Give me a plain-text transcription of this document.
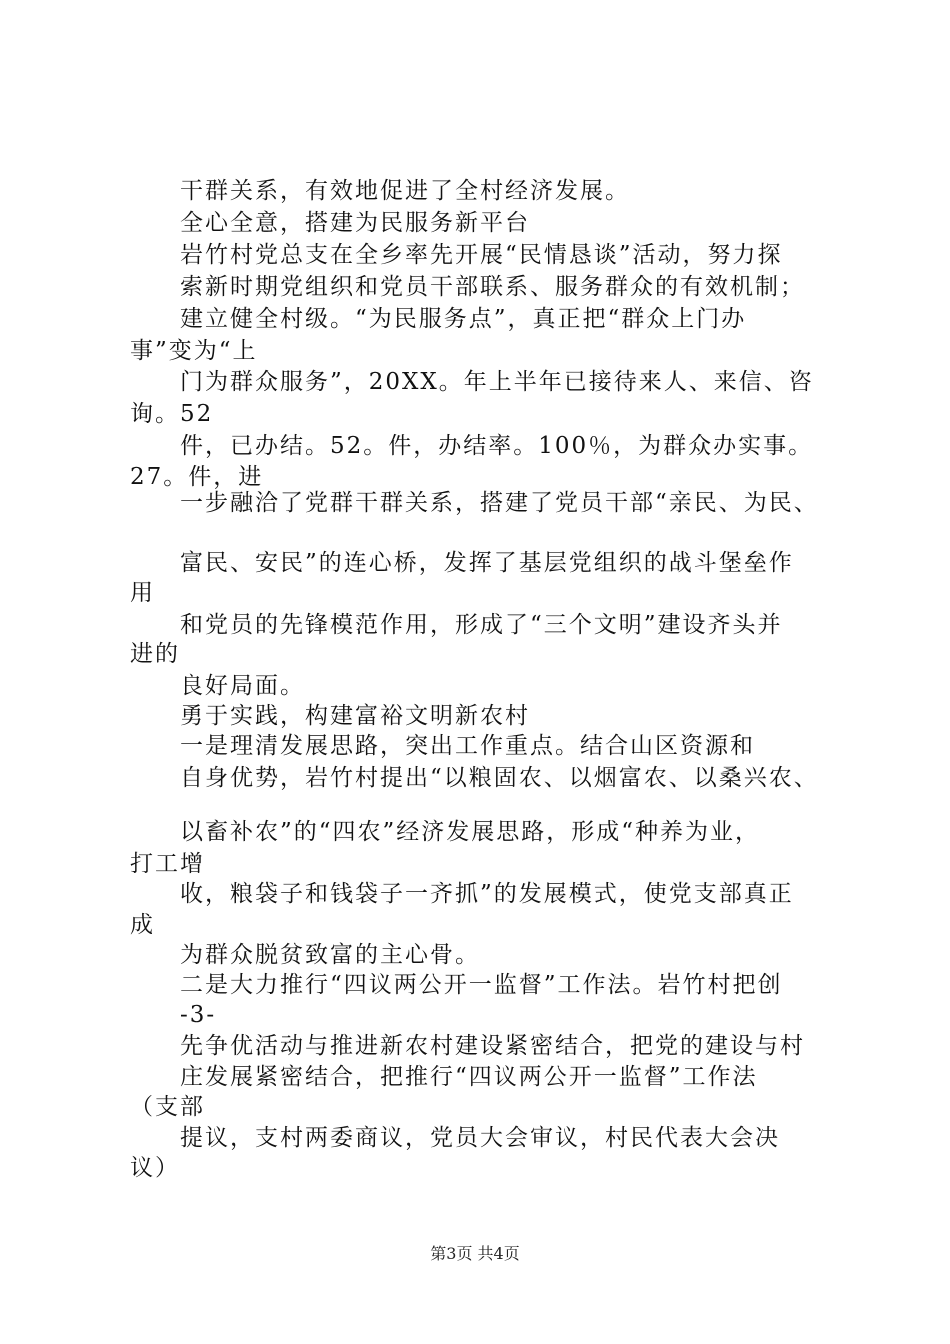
干群关系，有效地促进了全村经济发展。

全心全意，搭建为民服务新平台

岩竹村党总支在全乡率先开展“民情恳谈”活动，努力探

索新时期党组织和党员干部联系、服务群众的有效机制；

建立健全村级。“为民服务点”，真正把“群众上门办

事”变为“上

门为群众服务”，20XX。年上半年已接待来人、来信、咨

询。52

件，已办结。52。件，办结率。100％，为群众办实事。

27。件，进

一步融洽了党群干群关系，搭建了党员干部“亲民、为民、

富民、安民”的连心桥，发挥了基层党组织的战斗堡垒作

用

和党员的先锋模范作用，形成了“三个文明”建设齐头并

进的

良好局面。

勇于实践，构建富裕文明新农村

一是理清发展思路，突出工作重点。结合山区资源和

自身优势，岩竹村提出“以粮固农、以烟富农、以桑兴农、

以畜补农”的“四农”经济发展思路，形成“种养为业，

打工增

收，粮袋子和钱袋子一齐抓”的发展模式，使党支部真正

成

为群众脱贫致富的主心骨。

二是大力推行“四议两公开一监督”工作法。岩竹村把创

-3-

先争优活动与推进新农村建设紧密结合，把党的建设与村

庄发展紧密结合，把推行“四议两公开一监督”工作法

（支部

提议，支村两委商议，党员大会审议，村民代表大会决

议）

第3页 共4页
